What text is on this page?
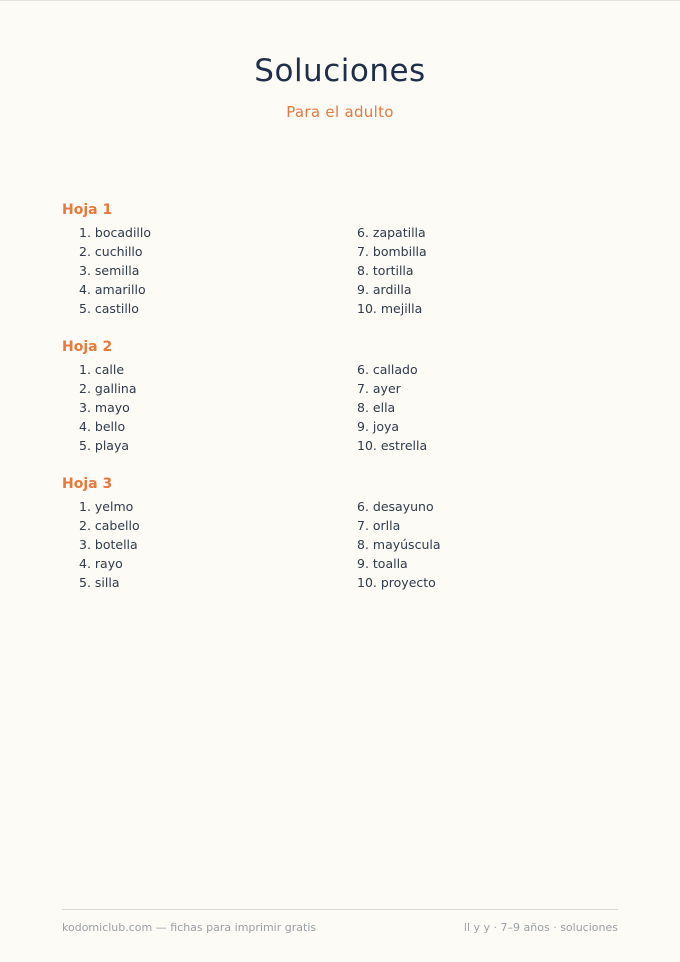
Soluciones
Para el adulto
Hoja 1
1. bocadillo
2. cuchillo
3. semilla
4. amarillo
5. castillo
6. zapatilla
7. bombilla
8. tortilla
9. ardilla
10. mejilla
Hoja 2
1. calle
2. gallina
3. mayo
4. bello
5. playa
6. callado
7. ayer
8. ella
9. joya
10. estrella
Hoja 3
1. yelmo
2. cabello
3. botella
4. rayo
5. silla
6. desayuno
7. orlla
8. mayúscula
9. toalla
10. proyecto
kodomiclub.com — fichas para imprimir gratis	ll y y · 7–9 años · soluciones
